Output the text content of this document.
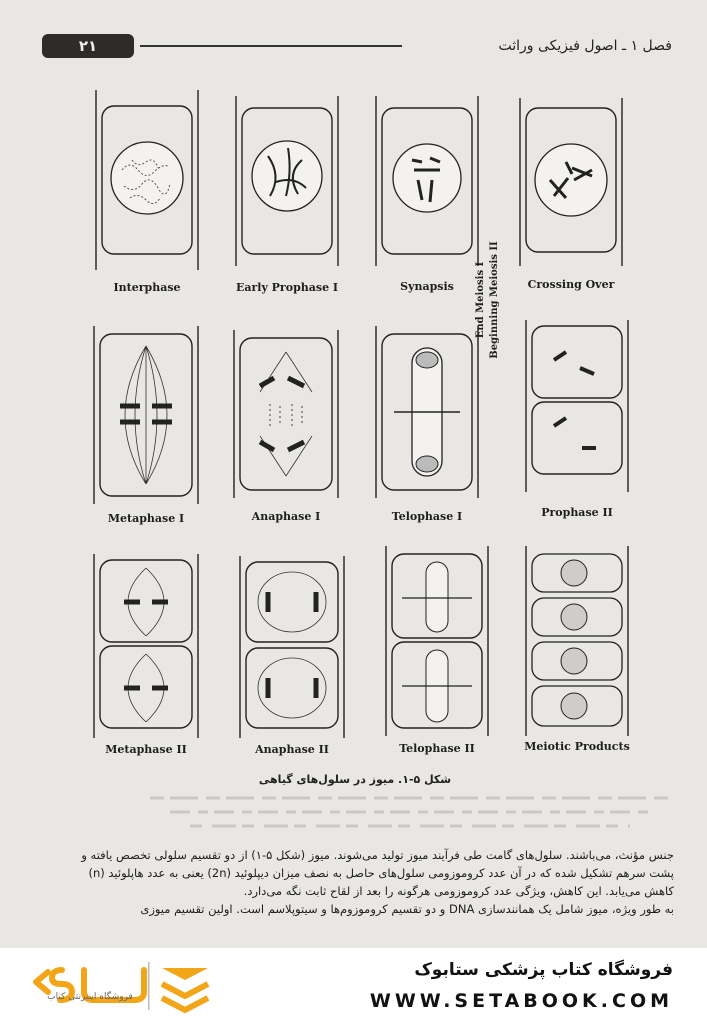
۲۱	فصل ۱ ـ اصول فیزیکی وراثت
Interphase	Early Prophase I	Synapsis	Crossing Over
Metaphase I	Anaphase I	Telophase I
End Meiosis I Beginning Meiosis II
Prophase II
Metaphase II	Anaphase II	Telophase II	Meiotic Products
شکل ۵-۱. میوز در سلول‌های گیاهی

جنس مؤنث، می‌باشند. سلول‌های گامت طی فرآیند میوز تولید می‌شوند. میوز (شکل ۵-۱) از دو تقسیم سلولی تخصص یافته و

پشت سرهم تشکیل شده که در آن عدد کروموزومی سلول‌های حاصل به نصف میزان دیپلوئید (2n) یعنی به عدد هاپلوئید (n)

کاهش می‌یابد. این کاهش، ویژگی عدد کروموزومی هرگونه را بعد از لقاح ثابت نگه می‌دارد.

به طور ویژه، میوز شامل یک همانندسازی DNA و دو تقسیم کروموزوم‌ها و سیتوپلاسم است. اولین تقسیم میوزی

فروشگاه اینترنتی کتاب
فروشگاه کتاب پزشکی ستابوک
WWW.SETABOOK.COM
